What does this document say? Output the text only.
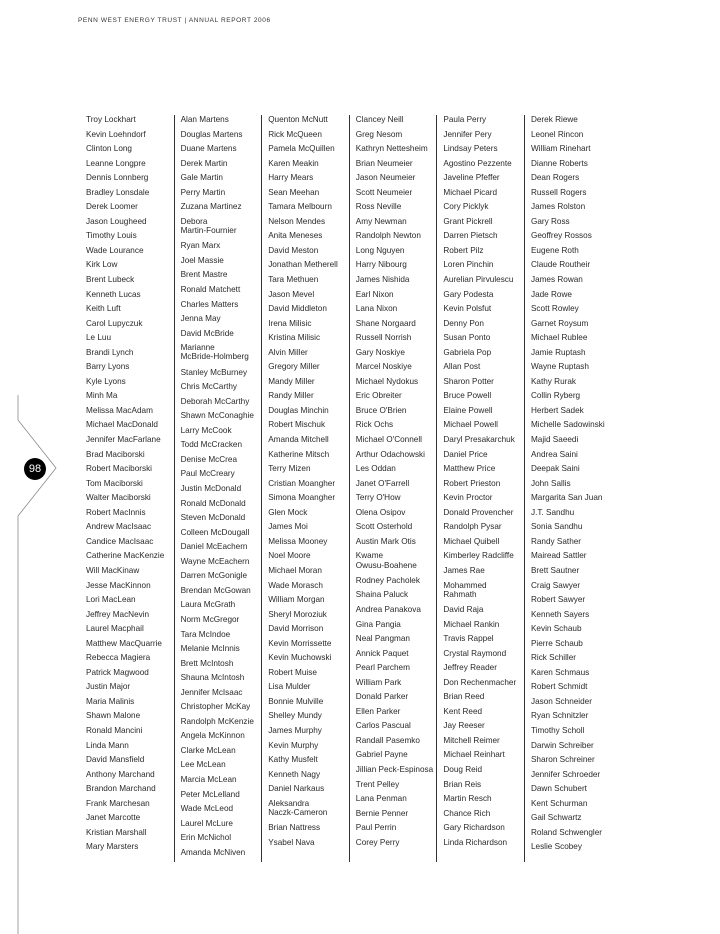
PENN WEST ENERGY TRUST | ANNUAL REPORT 2006
98
Troy Lockhart
Kevin Loehndorf
Clinton Long
Leanne Longpre
Dennis Lonnberg
Bradley Lonsdale
Derek Loomer
Jason Lougheed
Timothy Louis
Wade Lourance
Kirk Low
Brent Lubeck
Kenneth Lucas
Keith Luft
Carol Lupyczuk
Le Luu
Brandi Lynch
Barry Lyons
Kyle Lyons
Minh Ma
Melissa MacAdam
Michael MacDonald
Jennifer MacFarlane
Brad Maciborski
Robert Maciborski
Tom Maciborski
Walter Maciborski
Robert MacInnis
Andrew MacIsaac
Candice MacIsaac
Catherine MacKenzie
Will MacKinaw
Jesse MacKinnon
Lori MacLean
Jeffrey MacNevin
Laurel Macphail
Matthew MacQuarrie
Rebecca Magiera
Patrick Magwood
Justin Major
Maria Malinis
Shawn Malone
Ronald Mancini
Linda Mann
David Mansfield
Anthony Marchand
Brandon Marchand
Frank Marchesan
Janet Marcotte
Kristian Marshall
Mary Marsters
Alan Martens
Douglas Martens
Duane Martens
Derek Martin
Gale Martin
Perry Martin
Zuzana Martinez
Debora
Martin-Fournier
Ryan Marx
Joel Massie
Brent Mastre
Ronald Matchett
Charles Matters
Jenna May
David McBride
Marianne
McBride-Holmberg
Stanley McBurney
Chris McCarthy
Deborah McCarthy
Shawn McConaghie
Larry McCook
Todd McCracken
Denise McCrea
Paul McCreary
Justin McDonald
Ronald McDonald
Steven McDonald
Colleen McDougall
Daniel McEachern
Wayne McEachern
Darren McGonigle
Brendan McGowan
Laura McGrath
Norm McGregor
Tara McIndoe
Melanie McInnis
Brett McIntosh
Shauna McIntosh
Jennifer McIsaac
Christopher McKay
Randolph McKenzie
Angela McKinnon
Clarke McLean
Lee McLean
Marcia McLean
Peter McLelland
Wade McLeod
Laurel McLure
Erin McNichol
Amanda McNiven
Quenton McNutt
Rick McQueen
Pamela McQuillen
Karen Meakin
Harry Mears
Sean Meehan
Tamara Melbourn
Nelson Mendes
Anita Meneses
David Meston
Jonathan Metherell
Tara Methuen
Jason Mevel
David Middleton
Irena Milisic
Kristina Milisic
Alvin Miller
Gregory Miller
Mandy Miller
Randy Miller
Douglas Minchin
Robert Mischuk
Amanda Mitchell
Katherine Mitsch
Terry Mizen
Cristian Moangher
Simona Moangher
Glen Mock
James Moi
Melissa Mooney
Noel Moore
Michael Moran
Wade Morasch
William Morgan
Sheryl Moroziuk
David Morrison
Kevin Morrissette
Kevin Muchowski
Robert Muise
Lisa Mulder
Bonnie Mulville
Shelley Mundy
James Murphy
Kevin Murphy
Kathy Musfelt
Kenneth Nagy
Daniel Narkaus
Aleksandra
Naczk-Cameron
Brian Nattress
Ysabel Nava
Clancey Neill
Greg Nesom
Kathryn Nettesheim
Brian Neumeier
Jason Neumeier
Scott Neumeier
Ross Neville
Amy Newman
Randolph Newton
Long Nguyen
Harry Nibourg
James Nishida
Earl Nixon
Lana Nixon
Shane Norgaard
Russell Norrish
Gary Noskiye
Marcel Noskiye
Michael Nydokus
Eric Obreiter
Bruce O'Brien
Rick Ochs
Michael O'Connell
Arthur Odachowski
Les Oddan
Janet O'Farrell
Terry O'How
Olena Osipov
Scott Osterhold
Austin Mark Otis
Kwame
Owusu-Boahene
Rodney Pacholek
Shaina Paluck
Andrea Panakova
Gina Pangia
Neal Pangman
Annick Paquet
Pearl Parchem
William Park
Donald Parker
Ellen Parker
Carlos Pascual
Randall Pasemko
Gabriel Payne
Jillian Peck-Espinosa
Trent Pelley
Lana Penman
Bernie Penner
Paul Perrin
Corey Perry
Paula Perry
Jennifer Pery
Lindsay Peters
Agostino Pezzente
Javeline Pfeffer
Michael Picard
Cory Picklyk
Grant Pickrell
Darren Pietsch
Robert Pilz
Loren Pinchin
Aurelian Pirvulescu
Gary Podesta
Kevin Polsfut
Denny Pon
Susan Ponto
Gabriela Pop
Allan Post
Sharon Potter
Bruce Powell
Elaine Powell
Michael Powell
Daryl Presakarchuk
Daniel Price
Matthew Price
Robert Prieston
Kevin Proctor
Donald Provencher
Randolph Pysar
Michael Quibell
Kimberley Radcliffe
James Rae
Mohammed
Rahmath
David Raja
Michael Rankin
Travis Rappel
Crystal Raymond
Jeffrey Reader
Don Rechenmacher
Brian Reed
Kent Reed
Jay Reeser
Mitchell Reimer
Michael Reinhart
Doug Reid
Brian Reis
Martin Resch
Chance Rich
Gary Richardson
Linda Richardson
Derek Riewe
Leonel Rincon
William Rinehart
Dianne Roberts
Dean Rogers
Russell Rogers
James Rolston
Gary Ross
Geoffrey Rossos
Eugene Roth
Claude Routheir
James Rowan
Jade Rowe
Scott Rowley
Garnet Roysum
Michael Rublee
Jamie Ruptash
Wayne Ruptash
Kathy Rurak
Collin Ryberg
Herbert Sadek
Michelle Sadowinski
Majid Saeedi
Andrea Saini
Deepak Saini
John Sallis
Margarita San Juan
J.T. Sandhu
Sonia Sandhu
Randy Sather
Mairead Sattler
Brett Sautner
Craig Sawyer
Robert Sawyer
Kenneth Sayers
Kevin Schaub
Pierre Schaub
Rick Schiller
Karen Schmaus
Robert Schmidt
Jason Schneider
Ryan Schnitzler
Timothy Scholl
Darwin Schreiber
Sharon Schreiner
Jennifer Schroeder
Dawn Schubert
Kent Schurman
Gail Schwartz
Roland Schwengler
Leslie Scobey
